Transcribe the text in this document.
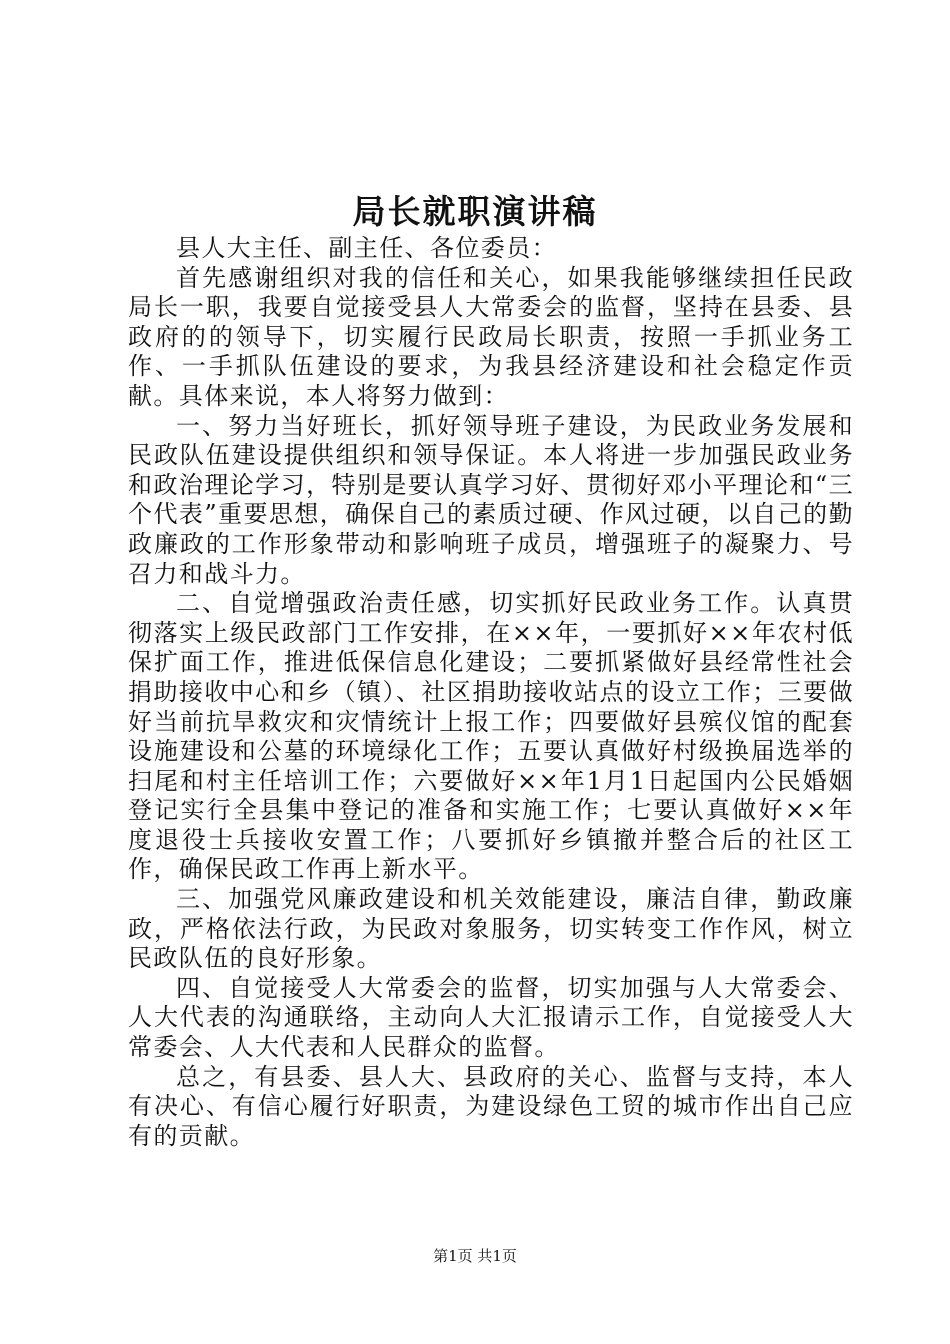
局长就职演讲稿

县人大主任、副主任、各位委员：

首先感谢组织对我的信任和关心，如果我能够继续担任民政局长一职，我要自觉接受县人大常委会的监督，坚持在县委、县政府的的领导下，切实履行民政局长职责，按照一手抓业务工作、一手抓队伍建设的要求，为我县经济建设和社会稳定作贡献。具体来说，本人将努力做到：

一、努力当好班长，抓好领导班子建设，为民政业务发展和民政队伍建设提供组织和领导保证。本人将进一步加强民政业务和政治理论学习，特别是要认真学习好、贯彻好邓小平理论和“三个代表”重要思想，确保自己的素质过硬、作风过硬，以自己的勤政廉政的工作形象带动和影响班子成员，增强班子的凝聚力、号召力和战斗力。

二、自觉增强政治责任感，切实抓好民政业务工作。认真贯彻落实上级民政部门工作安排，在××年，一要抓好××年农村低保扩面工作，推进低保信息化建设；二要抓紧做好县经常性社会捐助接收中心和乡（镇）、社区捐助接收站点的设立工作；三要做好当前抗旱救灾和灾情统计上报工作；四要做好县殡仪馆的配套设施建设和公墓的环境绿化工作；五要认真做好村级换届选举的扫尾和村主任培训工作；六要做好××年1月1日起国内公民婚姻登记实行全县集中登记的准备和实施工作；七要认真做好××年度退役士兵接收安置工作；八要抓好乡镇撤并整合后的社区工作，确保民政工作再上新水平。

三、加强党风廉政建设和机关效能建设，廉洁自律，勤政廉政，严格依法行政，为民政对象服务，切实转变工作作风，树立民政队伍的良好形象。

四、自觉接受人大常委会的监督，切实加强与人大常委会、人大代表的沟通联络，主动向人大汇报请示工作，自觉接受人大常委会、人大代表和人民群众的监督。

总之，有县委、县人大、县政府的关心、监督与支持，本人有决心、有信心履行好职责，为建设绿色工贸的城市作出自己应有的贡献。

第1页 共1页
